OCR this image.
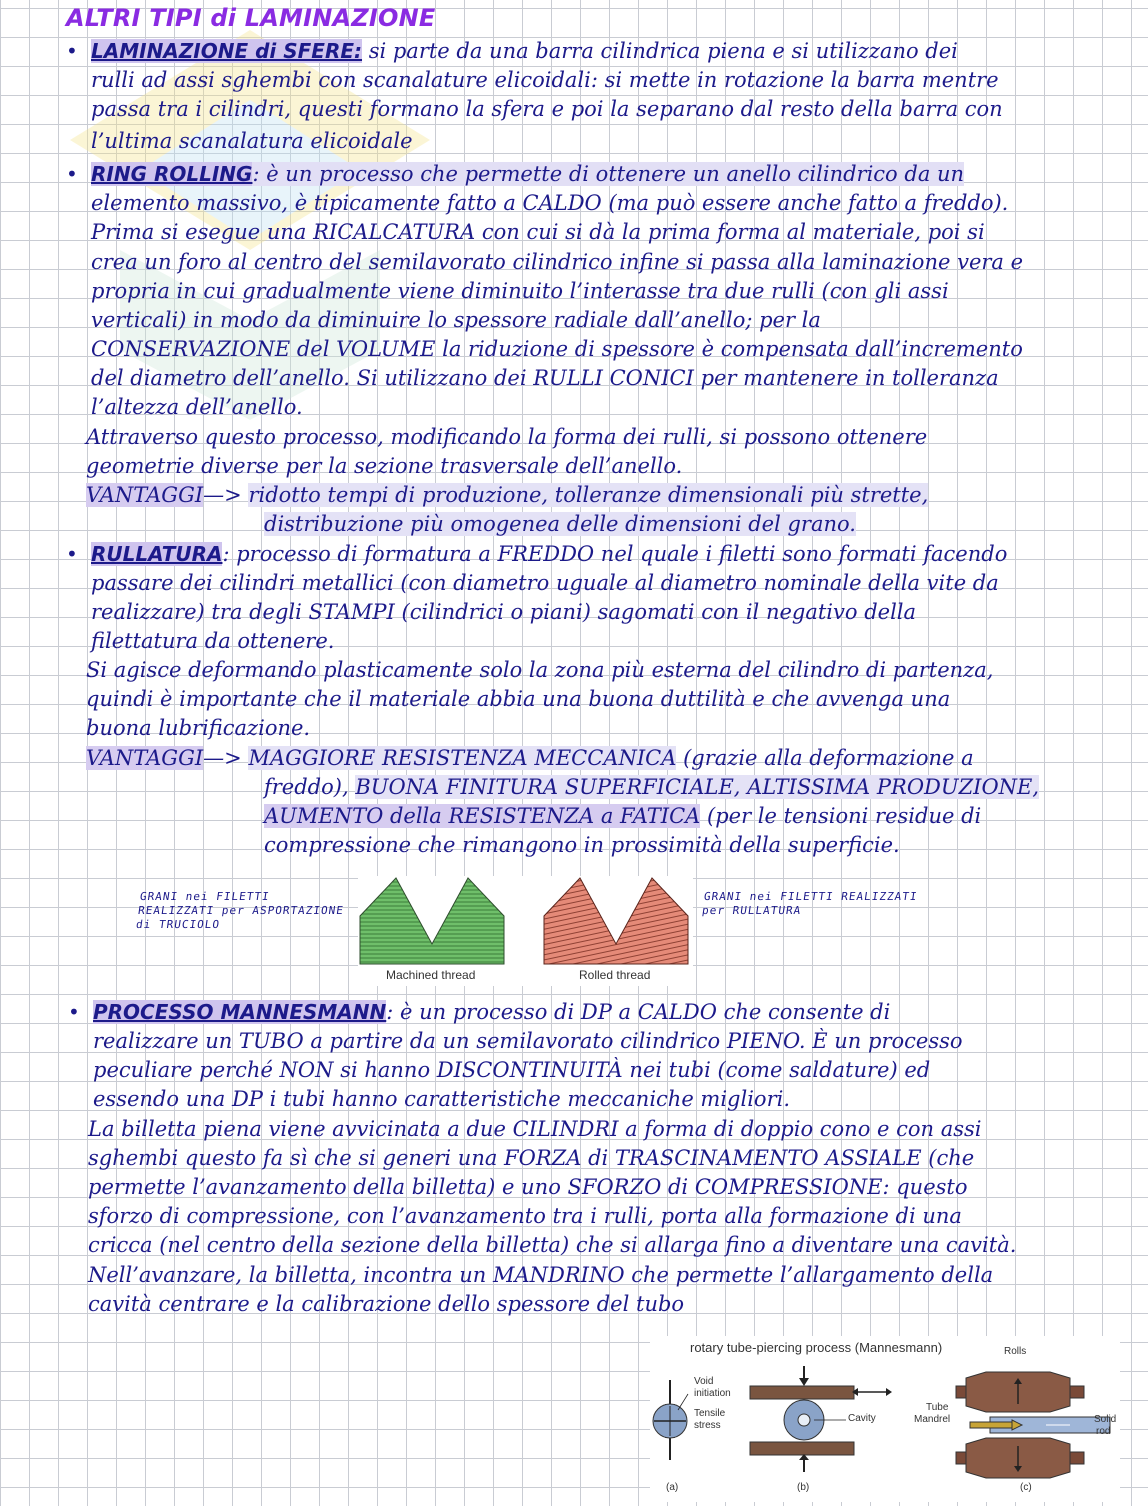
ALTRI TIPI di LAMINAZIONE
• LAMINAZIONE di SFERE: si parte da una barra cilindrica piena e si utilizzano dei
rulli ad assi sghembi con scanalature elicoidali: si mette in rotazione la barra mentre
passa tra i cilindri, questi formano la sfera e poi la separano dal resto della barra con
l’ultima scanalatura elicoidale
• RING ROLLING: è un processo che permette di ottenere un anello cilindrico da un
elemento massivo, è tipicamente fatto a CALDO (ma può essere anche fatto a freddo).
Prima si esegue una RICALCATURA con cui si dà la prima forma al materiale, poi si
crea un foro al centro del semilavorato cilindrico infine si passa alla laminazione vera e
propria in cui gradualmente viene diminuito l’interasse tra due rulli (con gli assi
verticali) in modo da diminuire lo spessore radiale dall’anello; per la
CONSERVAZIONE del VOLUME la riduzione di spessore è compensata dall’incremento
del diametro dell’anello. Si utilizzano dei RULLI CONICI per mantenere in tolleranza
l’altezza dell’anello.
Attraverso questo processo, modificando la forma dei rulli, si possono ottenere
geometrie diverse per la sezione trasversale dell’anello.
VANTAGGI—> ridotto tempi di produzione, tolleranze dimensionali più strette,
distribuzione più omogenea delle dimensioni del grano.
• RULLATURA: processo di formatura a FREDDO nel quale i filetti sono formati facendo
passare dei cilindri metallici (con diametro uguale al diametro nominale della vite da
realizzare) tra degli STAMPI (cilindrici o piani) sagomati con il negativo della
filettatura da ottenere.
Si agisce deformando plasticamente solo la zona più esterna del cilindro di partenza,
quindi è importante che il materiale abbia una buona duttilità e che avvenga una
buona lubrificazione.
VANTAGGI—> MAGGIORE RESISTENZA MECCANICA (grazie alla deformazione a
freddo), BUONA FINITURA SUPERFICIALE, ALTISSIMA PRODUZIONE,
AUMENTO della RESISTENZA a FATICA (per le tensioni residue di
compressione che rimangono in prossimità della superficie.
GRANI nei FILETTI
REALIZZATI per ASPORTAZIONE
di TRUCIOLO
GRANI nei FILETTI REALIZZATI
per RULLATURA
Machined thread	Rolled thread
• PROCESSO MANNESMANN: è un processo di DP a CALDO che consente di
realizzare un TUBO a partire da un semilavorato cilindrico PIENO. È un processo
peculiare perché NON si hanno DISCONTINUITÀ nei tubi (come saldature) ed
essendo una DP i tubi hanno caratteristiche meccaniche migliori.
La billetta piena viene avvicinata a due CILINDRI a forma di doppio cono e con assi
sghembi questo fa sì che si generi una FORZA di TRASCINAMENTO ASSIALE (che
permette l’avanzamento della billetta) e uno SFORZO di COMPRESSIONE: questo
sforzo di compressione, con l’avanzamento tra i rulli, porta alla formazione di una
cricca (nel centro della sezione della billetta) che si allarga fino a diventare una cavità.
Nell’avanzare, la billetta, incontra un MANDRINO che permette l’allargamento della
cavità centrare e la calibrazione dello spessore del tubo
rotary tube-piercing process (Mannesmann)	Rolls
Void
initiation
Tensile
stress
(a)
Cavity
(b)
Tube
Mandrel	Solid
rod
(c)
